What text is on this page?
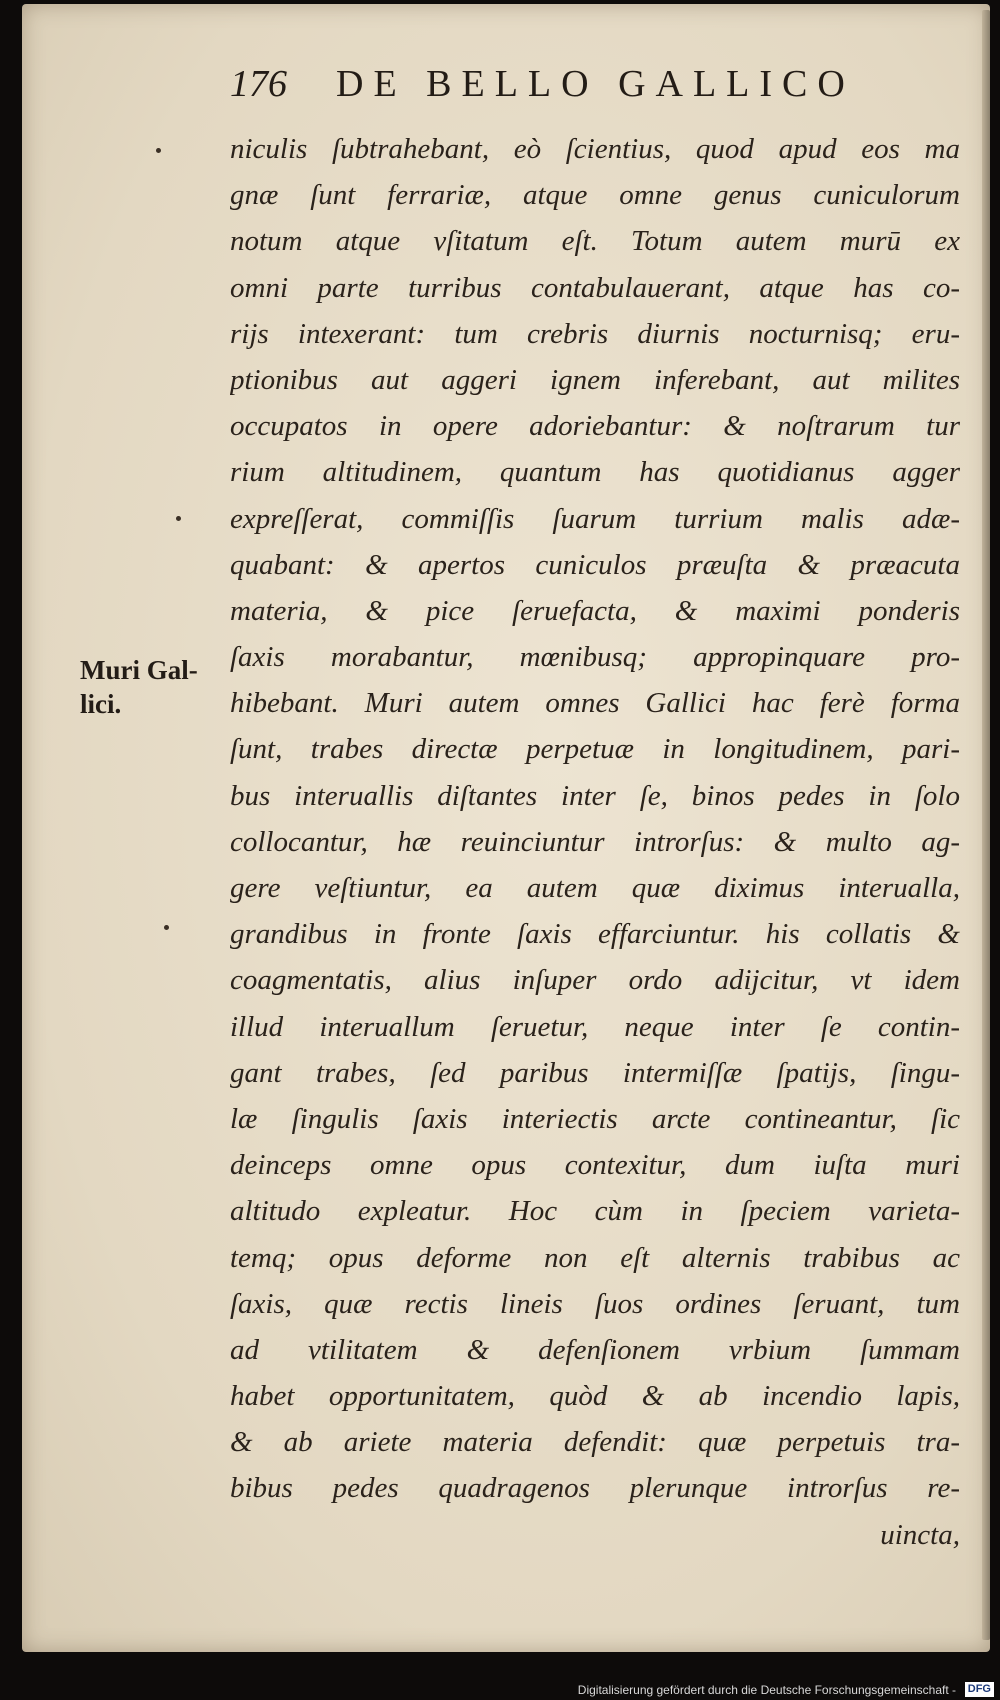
176 DE BELLO GALLICO
Muri Gal-
lici.
niculis ſubtrahebant, eò ſcientius, quod apud eos ma
gnæ ſunt ferrariæ, atque omne genus cuniculorum
notum atque vſitatum eſt. Totum autem murū ex
omni parte turribus contabulauerant, atque has co-
rijs intexerant: tum crebris diurnis nocturnisq; eru-
ptionibus aut aggeri ignem inferebant, aut milites
occupatos in opere adoriebantur: & noſtrarum tur
rium altitudinem, quantum has quotidianus agger
expreſſerat, commiſſis ſuarum turrium malis adæ-
quabant: & apertos cuniculos præuſta & præacuta
materia, & pice ſeruefacta, & maximi ponderis
ſaxis morabantur, mœnibusq; appropinquare pro-
hibebant. Muri autem omnes Gallici hac ferè forma
ſunt, trabes directæ perpetuæ in longitudinem, pari-
bus interuallis diſtantes inter ſe, binos pedes in ſolo
collocantur, hæ reuinciuntur introrſus: & multo ag-
gere veſtiuntur, ea autem quæ diximus interualla,
grandibus in fronte ſaxis effarciuntur. his collatis &
coagmentatis, alius inſuper ordo adijcitur, vt idem
illud interuallum ſeruetur, neque inter ſe contin-
gant trabes, ſed paribus intermiſſæ ſpatijs, ſingu-
læ ſingulis ſaxis interiectis arcte contineantur, ſic
deinceps omne opus contexitur, dum iuſta muri
altitudo expleatur. Hoc cùm in ſpeciem varieta-
temq; opus deforme non eſt alternis trabibus ac
ſaxis, quæ rectis lineis ſuos ordines ſeruant, tum
ad vtilitatem & defenſionem vrbium ſummam
habet opportunitatem, quòd & ab incendio lapis,
& ab ariete materia defendit: quæ perpetuis tra-
bibus pedes quadragenos plerunque introrſus re-
uincta,
Digitalisierung gefördert durch die Deutsche Forschungsgemeinschaft - DFG
